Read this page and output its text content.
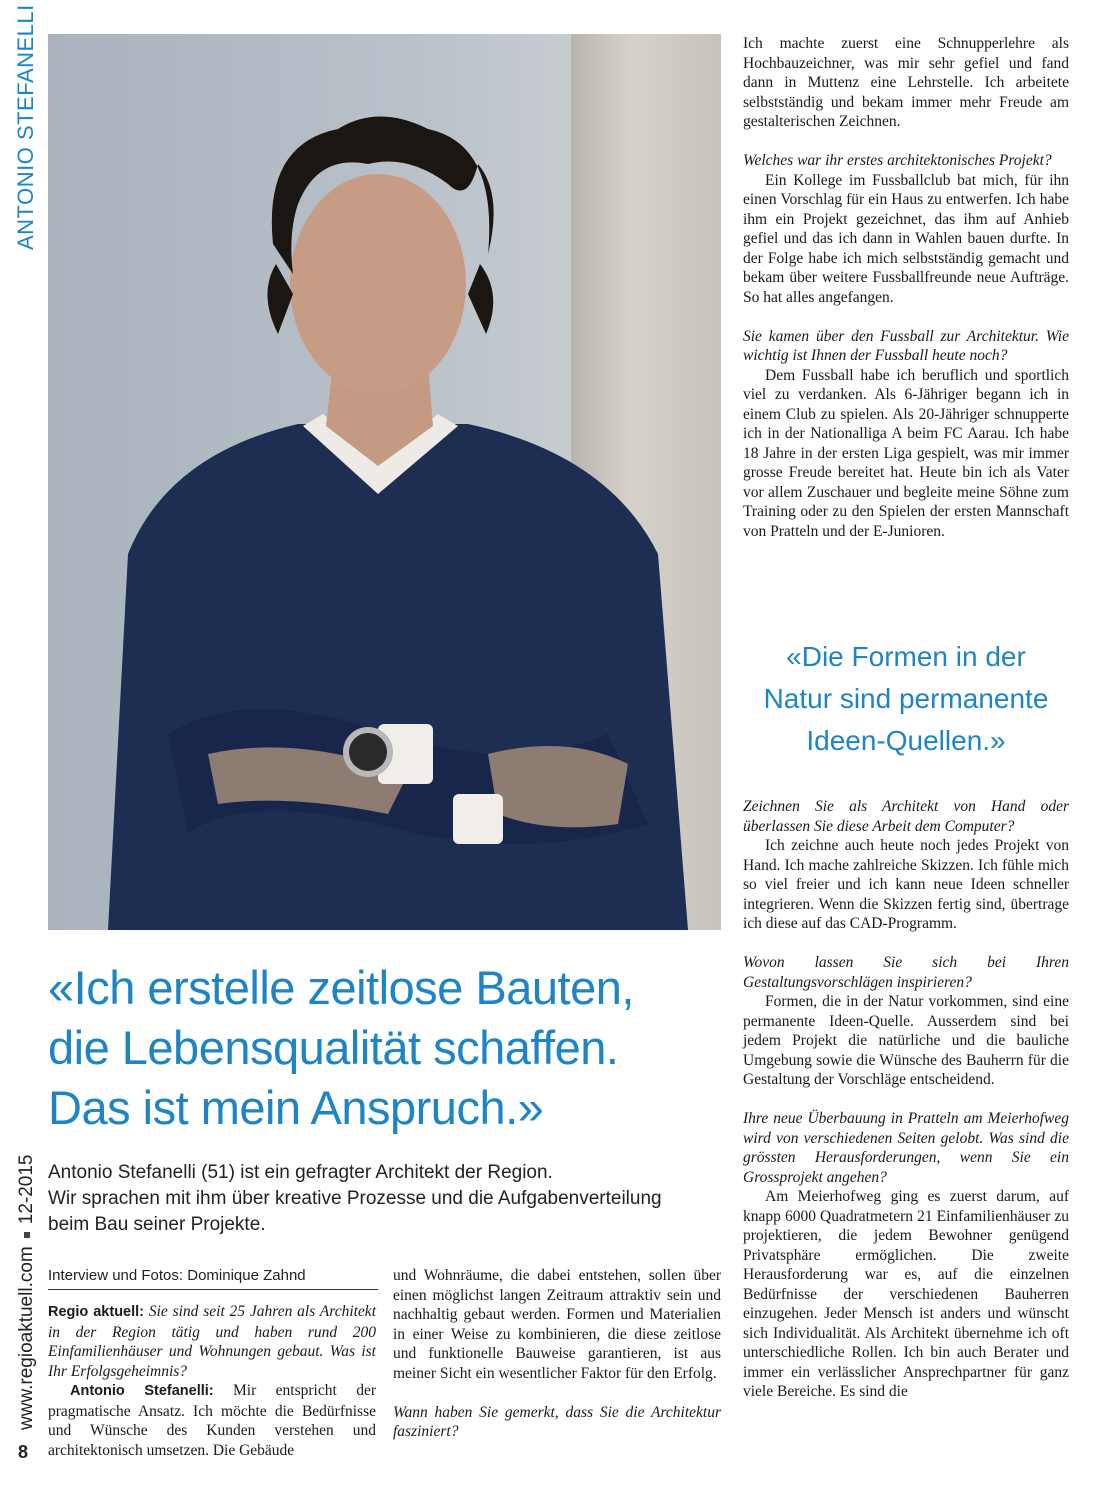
ANTONIO STEFANELLI
«Ich erstelle zeitlose Bauten,
die Lebensqualität schaffen.
Das ist mein Anspruch.»
Antonio Stefanelli (51) ist ein gefragter Architekt der Region.
Wir sprachen mit ihm über kreative Prozesse und die Aufgabenverteilung
beim Bau seiner Projekte.
Interview und Fotos: Dominique Zahnd

Regio aktuell: Sie sind seit 25 Jahren als Architekt in der Region tätig und haben rund 200 Einfamilienhäuser und Wohnungen gebaut. Was ist Ihr Erfolgsgeheimnis?

Antonio Stefanelli: Mir entspricht der pragmatische Ansatz. Ich möchte die Bedürfnisse und Wünsche des Kunden verstehen und architektonisch umsetzen. Die Gebäude

und Wohnräume, die dabei entstehen, sollen über einen möglichst langen Zeitraum attraktiv sein und nachhaltig gebaut werden. Formen und Materialien in einer Weise zu kombinieren, die diese zeitlose und funktionelle Bauweise garantieren, ist aus meiner Sicht ein wesentlicher Faktor für den Erfolg.

Wann haben Sie gemerkt, dass Sie die Architektur fasziniert?

Ich machte zuerst eine Schnupperlehre als Hochbauzeichner, was mir sehr gefiel und fand dann in Muttenz eine Lehrstelle. Ich arbeitete selbstständig und bekam immer mehr Freude am gestalterischen Zeichnen.

Welches war ihr erstes architektonisches Projekt?

Ein Kollege im Fussballclub bat mich, für ihn einen Vorschlag für ein Haus zu entwerfen. Ich habe ihm ein Projekt gezeichnet, das ihm auf Anhieb gefiel und das ich dann in Wahlen bauen durfte. In der Folge habe ich mich selbstständig gemacht und bekam über weitere Fussballfreunde neue Aufträge. So hat alles angefangen.

Sie kamen über den Fussball zur Architektur. Wie wichtig ist Ihnen der Fussball heute noch?

Dem Fussball habe ich beruflich und sportlich viel zu verdanken. Als 6-Jähriger begann ich in einem Club zu spielen. Als 20-Jähriger schnupperte ich in der Nationalliga A beim FC Aarau. Ich habe 18 Jahre in der ersten Liga gespielt, was mir immer grosse Freude bereitet hat. Heute bin ich als Vater vor allem Zuschauer und begleite meine Söhne zum Training oder zu den Spielen der ersten Mannschaft von Pratteln und der E-Junioren.

«Die Formen in der
Natur sind permanente
Ideen-Quellen.»

Zeichnen Sie als Architekt von Hand oder überlassen Sie diese Arbeit dem Computer?

Ich zeichne auch heute noch jedes Projekt von Hand. Ich mache zahlreiche Skizzen. Ich fühle mich so viel freier und ich kann neue Ideen schneller integrieren. Wenn die Skizzen fertig sind, übertrage ich diese auf das CAD-Programm.

Wovon lassen Sie sich bei Ihren Gestaltungsvorschlägen inspirieren?

Formen, die in der Natur vorkommen, sind eine permanente Ideen-Quelle. Ausserdem sind bei jedem Projekt die natürliche und die bauliche Umgebung sowie die Wünsche des Bauherrn für die Gestaltung der Vorschläge entscheidend.

Ihre neue Überbauung in Pratteln am Meierhofweg wird von verschiedenen Seiten gelobt. Was sind die grössten Herausforderungen, wenn Sie ein Grossprojekt angehen?

Am Meierhofweg ging es zuerst darum, auf knapp 6000 Quadratmetern 21 Einfamilienhäuser zu projektieren, die jedem Bewohner genügend Privatsphäre ermöglichen. Die zweite Herausforderung war es, auf die einzelnen Bedürfnisse der verschiedenen Bauherren einzugehen. Jeder Mensch ist anders und wünscht sich Individualität. Als Architekt übernehme ich oft unterschiedliche Rollen. Ich bin auch Berater und immer ein verlässlicher Ansprechpartner für ganz viele Bereiche. Es sind die

www.regioaktuell.com12-2015
8
